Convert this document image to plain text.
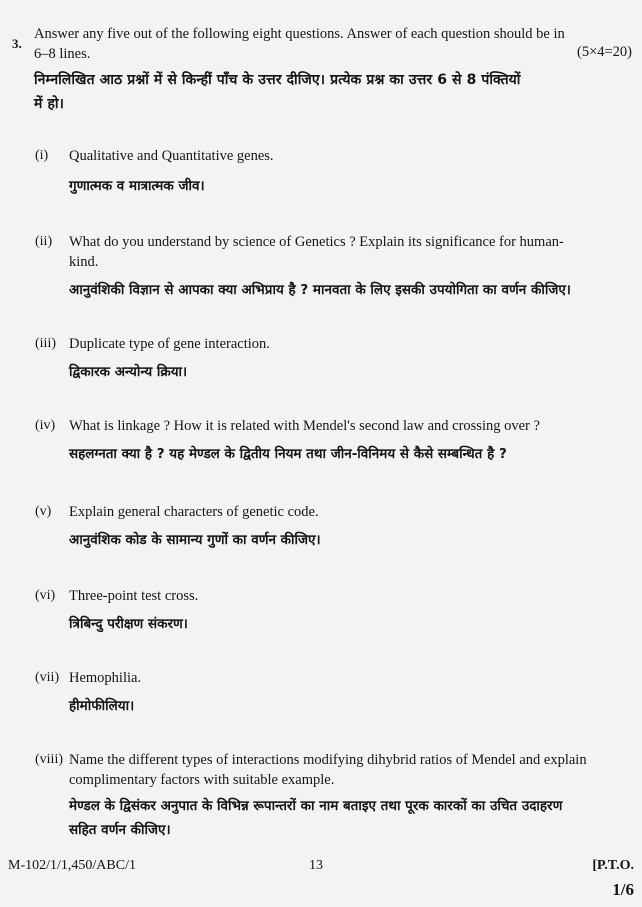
3.
Answer any five out of the following eight questions. Answer of each question should be in
6–8 lines.	(5×4=20)
निम्नलिखित आठ प्रश्नों में से किन्हीं पाँच के उत्तर दीजिए। प्रत्येक प्रश्न का उत्तर 6 से 8 पंक्तियों
में हो।
(i) Qualitative and Quantitative genes.
गुणात्मक व मात्रात्मक जीव।
(ii) What do you understand by science of Genetics ? Explain its significance for human-
kind.
आनुवंशिकी विज्ञान से आपका क्या अभिप्राय है ? मानवता के लिए इसकी उपयोगिता का वर्णन कीजिए।
(iii) Duplicate type of gene interaction.
द्विकारक अन्योन्य क्रिया।
(iv) What is linkage ? How it is related with Mendel's second law and crossing over ?
सहलग्नता क्या है ? यह मेण्डल के द्वितीय नियम तथा जीन-विनिमय से कैसे सम्बन्धित है ?
(v) Explain general characters of genetic code.
आनुवंशिक कोड के सामान्य गुणों का वर्णन कीजिए।
(vi) Three-point test cross.
त्रिबिन्दु परीक्षण संकरण।
(vii) Hemophilia.
हीमोफीलिया।
(viii) Name the different types of interactions modifying dihybrid ratios of Mendel and explain
complimentary factors with suitable example.
मेण्डल के द्विसंकर अनुपात के विभिन्न रूपान्तरों का नाम बताइए तथा पूरक कारकों का उचित उदाहरण
सहित वर्णन कीजिए।
M-102/1/1,450/ABC/1	13	[P.T.O.
1/6
